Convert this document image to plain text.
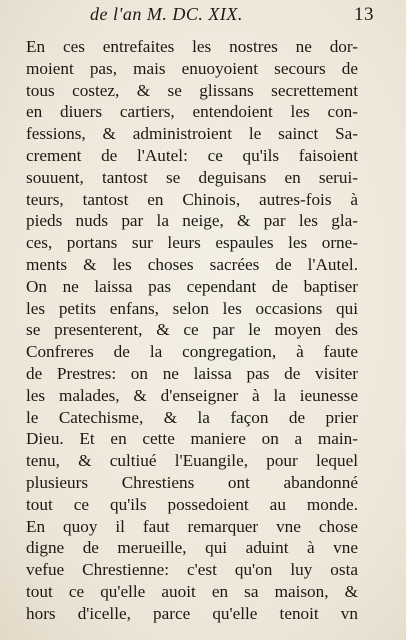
de l'an M. DC. XIX.	13
En ces entrefaites les nostres ne dor-
moient pas, mais enuoyoient secours de
tous costez, & se glissans secrettement
en diuers cartiers, entendoient les con-
fessions, & administroient le sainct Sa-
crement de l'Autel: ce qu'ils faisoient
souuent, tantost se deguisans en serui-
teurs, tantost en Chinois, autres-fois à
pieds nuds par la neige, & par les gla-
ces, portans sur leurs espaules les orne-
ments & les choses sacrées de l'Autel.
On ne laissa pas cependant de baptiser
les petits enfans, selon les occasions qui
se presenterent, & ce par le moyen des
Confreres de la congregation, à faute
de Prestres: on ne laissa pas de visiter
les malades, & d'enseigner à la ieunesse
le Catechisme, & la façon de prier
Dieu. Et en cette maniere on a main-
tenu, & cultiué l'Euangile, pour lequel
plusieurs Chrestiens ont abandonné
tout ce qu'ils possedoient au monde.
En quoy il faut remarquer vne chose
digne de merueille, qui aduint à vne
vefue Chrestienne: c'est qu'on luy osta
tout ce qu'elle auoit en sa maison, &
hors d'icelle, parce qu'elle tenoit vn
